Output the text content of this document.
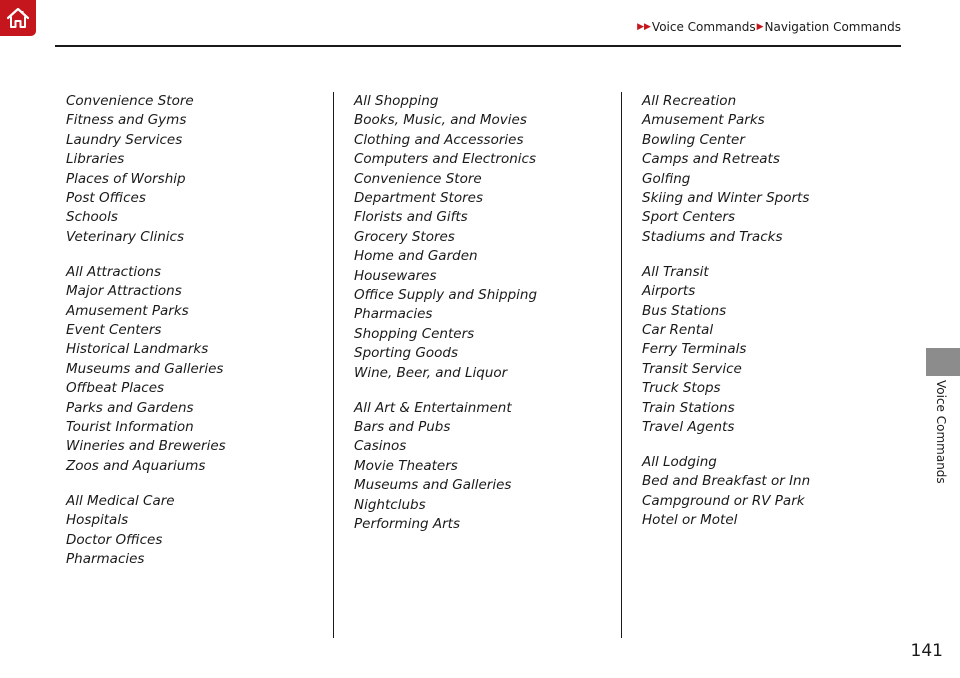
▶▶ Voice Commands ▶ Navigation Commands
Voice Commands
Convenience Store
Fitness and Gyms
Laundry Services
Libraries
Places of Worship
Post Offices
Schools
Veterinary Clinics
All Attractions
Major Attractions
Amusement Parks
Event Centers
Historical Landmarks
Museums and Galleries
Offbeat Places
Parks and Gardens
Tourist Information
Wineries and Breweries
Zoos and Aquariums
All Medical Care
Hospitals
Doctor Offices
Pharmacies
All Shopping
Books, Music, and Movies
Clothing and Accessories
Computers and Electronics
Convenience Store
Department Stores
Florists and Gifts
Grocery Stores
Home and Garden
Housewares
Office Supply and Shipping
Pharmacies
Shopping Centers
Sporting Goods
Wine, Beer, and Liquor
All Art & Entertainment
Bars and Pubs
Casinos
Movie Theaters
Museums and Galleries
Nightclubs
Performing Arts
All Recreation
Amusement Parks
Bowling Center
Camps and Retreats
Golfing
Skiing and Winter Sports
Sport Centers
Stadiums and Tracks
All Transit
Airports
Bus Stations
Car Rental
Ferry Terminals
Transit Service
Truck Stops
Train Stations
Travel Agents
All Lodging
Bed and Breakfast or Inn
Campground or RV Park
Hotel or Motel
141
